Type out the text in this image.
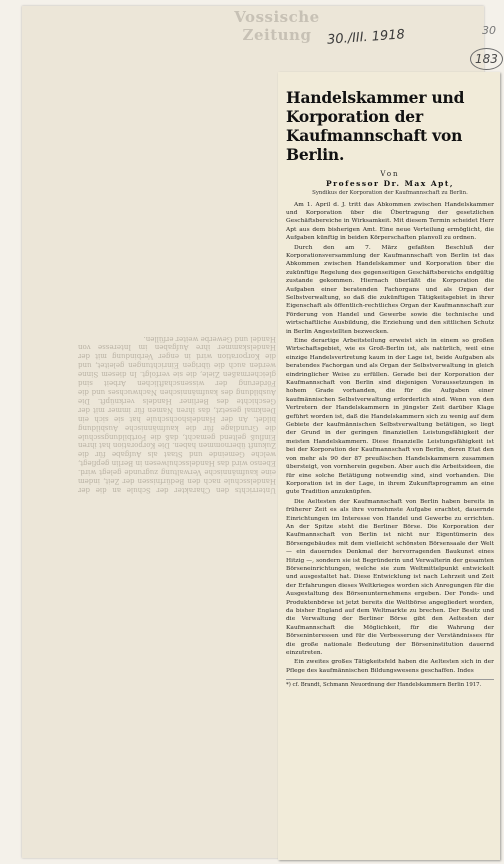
Vossische Zeitung	30./III. 1918
183
Unterrichts den Charakter der Schule an die der Handelsschule nach den Bedürfnissen der Zeit, indem eine kaufmännische Verwaltung zugrunde gelegt wird. Ebenso wird das Handelsschulwesen in Berlin gepflegt, welche Gemeinde und Staat als Aufgabe für die Zukunft übernommen haben. Die Korporation hat ihren Einfluß geltend gemacht, daß die Fortbildungsschule die Grundlage für die kaufmännische Ausbildung bildet. An der Handelshochschule hat sie sich ein Denkmal gesetzt, das ihren Namen für immer mit der Geschichte des Berliner Handels verknüpft. Die Ausbildung des kaufmännischen Nachwuchses und die Förderung der wissenschaftlichen Arbeit sind gleichermaßen Ziele, die sie verfolgt. In diesem Sinne werden auch die übrigen Einrichtungen geleitet, und die Korporation wird in enger Verbindung mit der Handelskammer ihre Aufgaben im Interesse von Handel und Gewerbe weiter erfüllen.
Handelskammer und Korporation der Kaufmannschaft von Berlin.
Von
Professor Dr. Max Apt,
Syndikus der Korporation der Kaufmannschaft zu Berlin.

Am 1. April d. J. tritt das Abkommen zwischen Handelskammer und Korporation über die Übertragung der gesetzlichen Geschäftsbereiche in Wirksamkeit. Mit diesem Termin scheidet Herr Apt aus dem bisherigen Amt. Eine neue Verteilung ermöglicht, die Aufgaben künftig in beiden Körperschaften planvoll zu ordnen.

Durch den am 7. März gefaßten Beschluß der Korporationsversammlung der Kaufmannschaft von Berlin ist das Abkommen zwischen Handelskammer und Korporation über die zukünftige Regelung des gegenseitigen Geschäftsbereichs endgültig zustande gekommen. Hiernach überläßt die Korporation die Aufgaben einer beratenden Fachorgans und als Organ der Selbstverwaltung, so daß die zukünftigen Tätigkeitsgebiet in ihrer Eigenschaft als öffentlich-rechtliches Organ der Kaufmannschaft zur Förderung von Handel und Gewerbe sowie die technische und wirtschaftliche Ausbildung, die Erziehung und den sittlichen Schutz in Berlin Angestellten bezwecken.

Eine derartige Arbeitsteilung erweist sich in einem so großen Wirtschaftsgebiet, wie es Groß-Berlin ist, als natürlich, weil eine einzige Handelsvertretung kaum in der Lage ist, beide Aufgaben als beratendes Fachorgan und als Organ der Selbstverwaltung in gleich eindringlicher Weise zu erfüllen. Gerade bei der Korporation der Kaufmannschaft von Berlin sind diejenigen Voraussetzungen in hohem Grade vorhanden, die für die Aufgaben einer kaufmännischen Selbstverwaltung erforderlich sind. Wenn von den Vertretern der Handelskammern in jüngster Zeit darüber Klage geführt worden ist, daß die Handelskammern sich zu wenig auf dem Gebiete der kaufmännischen Selbstverwaltung betätigen, so liegt der Grund in der geringen finanziellen Leistungsfähigkeit der meisten Handelskammern. Diese finanzielle Leistungsfähigkeit ist bei der Korporation der Kaufmannschaft von Berlin, deren Etat den von mehr als 90 der 87 preußischen Handelskammern zusammen übersteigt, von vornherein gegeben. Aber auch die Arbeitsideen, die für eine solche Betätigung notwendig sind, sind vorhanden. Die Korporation ist in der Lage, in ihrem Zukunftsprogramm an eine gute Tradition anzuknüpfen.

Die Aeltesten der Kaufmannschaft von Berlin haben bereits in früherer Zeit es als ihre vornehmste Aufgabe erachtet, dauernde Einrichtungen im Interesse von Handel und Gewerbe zu errichten. An der Spitze steht die Berliner Börse. Die Korporation der Kaufmannschaft von Berlin ist nicht nur Eigentümerin des Börsengebäudes mit dem vielleicht schönsten Börsensaale der Welt — ein dauerndes Denkmal der hervorragenden Baukunst eines Hitzig —, sondern sie ist Begründerin und Verwalterin der gesamten Börseneinrichtungen, welche sie zum Weltmittelpunkt entwickelt und ausgestaltet hat. Diese Entwicklung ist nach Lehrzeit und Zeit der Erfahrungen dieses Weltkrieges worden sich Anregungen für die Ausgestaltung des Börsenunternehmens ergeben. Der Fonds- und Produktenbörse ist jetzt bereits die Weltbörse angegliedert worden, da bisher England auf dem Weltmarkte zu brechen. Der Besitz und die Verwaltung der Berliner Börse gibt den Aeltesten der Kaufmannschaft die Möglichkeit, für die Wahrung der Börseninteressen und für die Verbesserung der Verständnisses für die große nationale Bedeutung der Börseninstitution dauernd einzutreten.

Ein zweites großes Tätigkeitsfeld haben die Aeltesten sich in der Pflege des kaufmännischen Bildungswesens geschaffen. Indes

*) cf. Brandt, Schmann Neuordnung der Handelskammern Berlin 1917.
30
